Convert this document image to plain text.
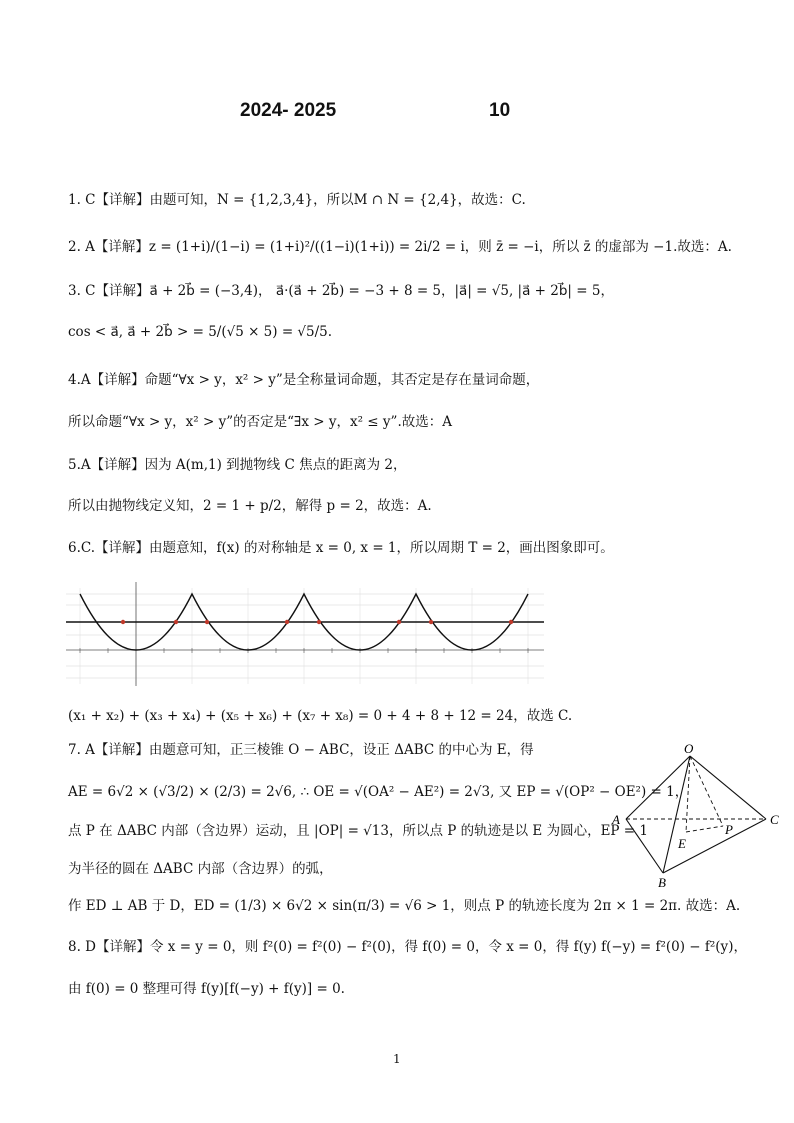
2024- 2025	10
1. C【详解】由题可知，N = {1,2,3,4}，所以M ∩ N = {2,4}，故选：C.
2. A【详解】z = (1+i)/(1−i) = (1+i)²/((1−i)(1+i)) = 2i/2 = i，则 z̄ = −i，所以 z̄ 的虚部为 −1.故选：A.
3. C【详解】a⃗ + 2b⃗ = (−3,4)， a⃗·(a⃗ + 2b⃗) = −3 + 8 = 5，|a⃗| = √5, |a⃗ + 2b⃗| = 5，
cos < a⃗, a⃗ + 2b⃗ > = 5/(√5 × 5) = √5/5.
4.A【详解】命题“∀x > y，x² > y”是全称量词命题，其否定是存在量词命题，
所以命题“∀x > y，x² > y”的否定是“∃x > y，x² ≤ y”.故选：A
5.A【详解】因为 A(m,1) 到抛物线 C 焦点的距离为 2，
所以由抛物线定义知，2 = 1 + p/2，解得 p = 2，故选：A.
6.C.【详解】由题意知，f(x) 的对称轴是 x = 0, x = 1，所以周期 T = 2，画出图象即可。
(x₁ + x₂) + (x₃ + x₄) + (x₅ + x₆) + (x₇ + x₈) = 0 + 4 + 8 + 12 = 24，故选 C.
7. A【详解】由题意可知，正三棱锥 O − ABC，设正 ΔABC 的中心为 E，得
AE = 6√2 × (√3/2) × (2/3) = 2√6, ∴ OE = √(OA² − AE²) = 2√3, 又 EP = √(OP² − OE²) = 1，
点 P 在 ΔABC 内部（含边界）运动，且 |OP| = √13，所以点 P 的轨迹是以 E 为圆心，EP = 1
为半径的圆在 ΔABC 内部（含边界）的弧，
作 ED ⊥ AB 于 D，ED = (1/3) × 6√2 × sin(π/3) = √6 > 1，则点 P 的轨迹长度为 2π × 1 = 2π. 故选：A.
8. D【详解】令 x = y = 0，则 f²(0) = f²(0) − f²(0)，得 f(0) = 0，令 x = 0，得 f(y) f(−y) = f²(0) − f²(y)，
由 f(0) = 0 整理可得 f(y)[f(−y) + f(y)] = 0.
O
A
B
C
E
P
1
